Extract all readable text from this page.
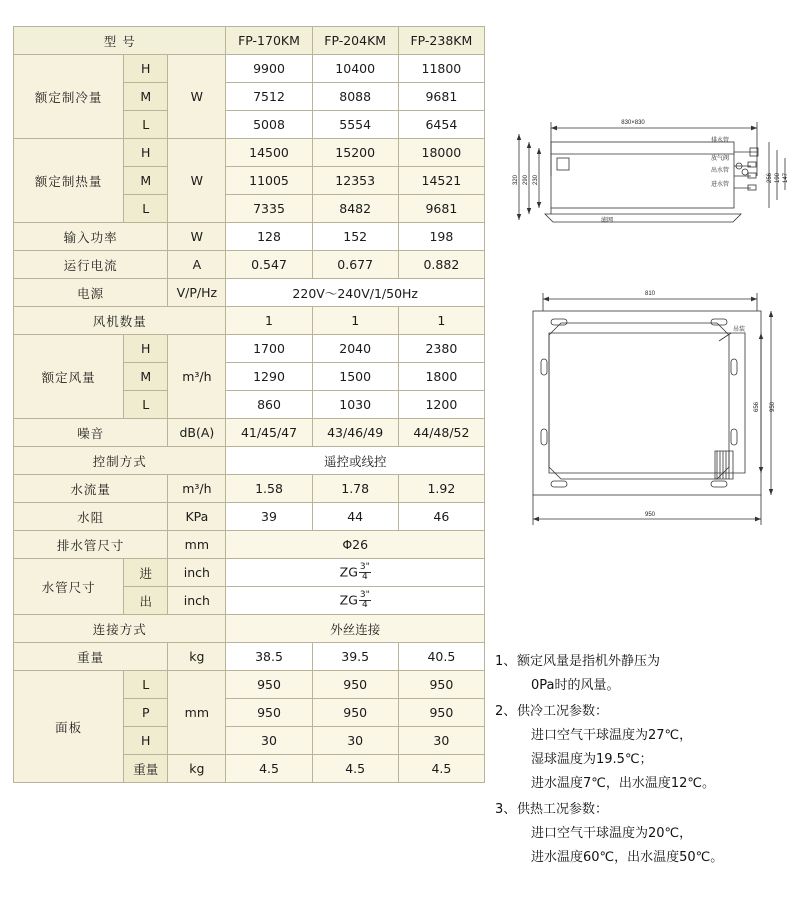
型 号			FP-170KM	FP-204KM	FP-238KM
额定制冷量	H	W	9900	10400	11800
	M		7512	8088	9681
	L		5008	5554	6454
额定制热量	H	W	14500	15200	18000
	M		11005	12353	14521
	L		7335	8482	9681
输入功率		W	128	152	198
运行电流		A	0.547	0.677	0.882
电源		V/P/Hz	220V～240V/1/50Hz		
风机数量			1	1	1
额定风量	H	m³/h	1700	2040	2380
	M		1290	1500	1800
	L		860	1030	1200
噪音		dB(A)	41/45/47	43/46/49	44/48/52
控制方式			遥控或线控		
水流量		m³/h	1.58	1.78	1.92
水阻		KPa	39	44	46
排水管尺寸		mm	Φ26		
水管尺寸	进	inch	ZG $\frac{3"}{4}$

	出	inch	ZG $\frac{3"}{4}$

连接方式			外丝连接		
重量		kg	38.5	39.5	40.5
面板	L	mm	950	950	950
	P		950	950	950
	H		30	30	30
	重量	kg	4.5	4.5	4.5
830×830
320 290 230	256 190 147
排水管
放气阀
出水管
进水管
滤网
810
950
950
656
吊装
1、 额定风量是指机外静压为
0Pa时的风量。
2、 供冷工况参数：
进口空气干球温度为27℃，
湿球温度为19.5℃；
进水温度7℃，出水温度12℃。
3、 供热工况参数：
进口空气干球温度为20℃，
进水温度60℃，出水温度50℃。
